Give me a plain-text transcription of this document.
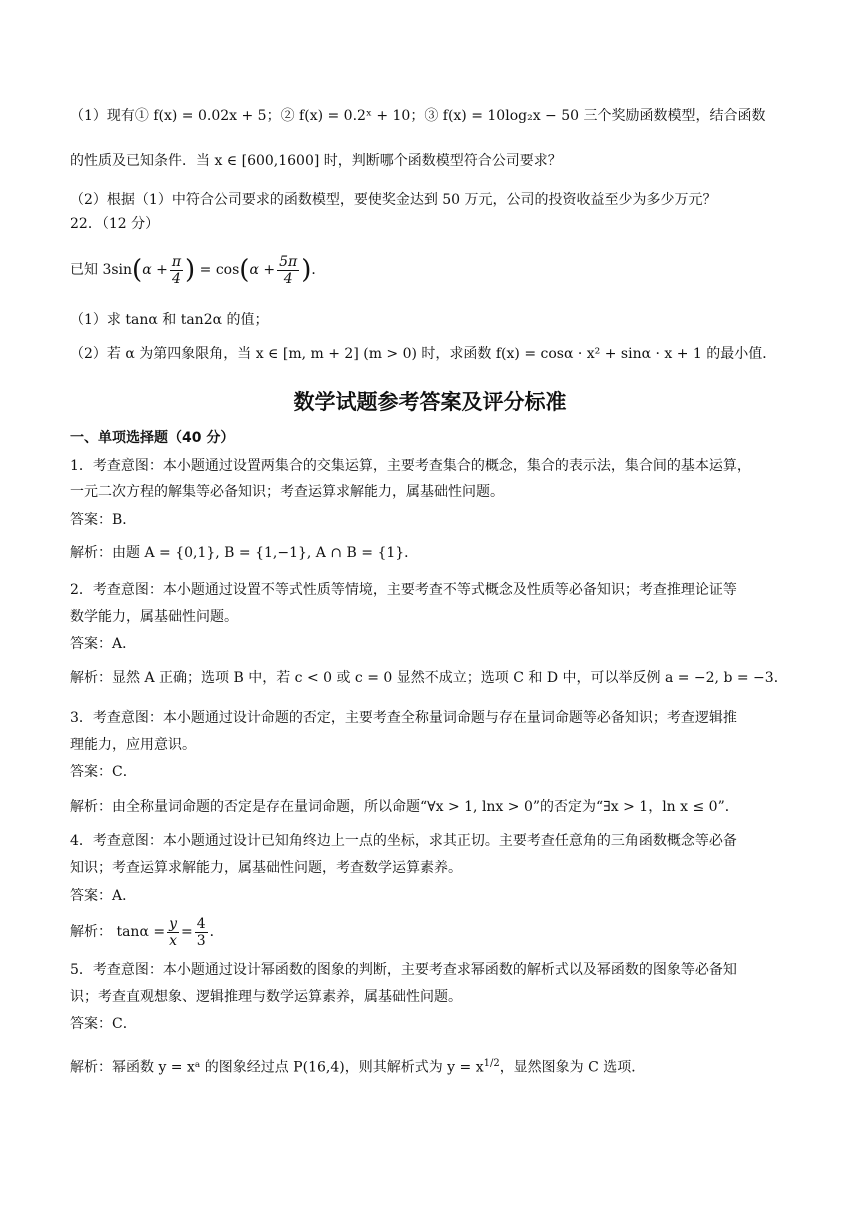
（1）现有① f(x) = 0.02x + 5；② f(x) = 0.2ˣ + 10；③ f(x) = 10log₂x − 50 三个奖励函数模型，结合函数
的性质及已知条件．当 x ∈ [600,1600] 时，判断哪个函数模型符合公司要求？
（2）根据（1）中符合公司要求的函数模型，要使奖金达到 50 万元，公司的投资收益至少为多少万元？
22．（12 分）
已知 $3\sin(\alpha + \frac{\pi}{4}$ ) = $\cos(\alpha + \frac{5\pi}{4}$ )．
（1）求 tanα 和 tan2α 的值；
（2）若 α 为第四象限角，当 x ∈ [m, m + 2] (m > 0) 时，求函数 f(x) = cosα · x² + sinα · x + 1 的最小值．
数学试题参考答案及评分标准
一、单项选择题（40 分）
1．考查意图：本小题通过设置两集合的交集运算，主要考查集合的概念，集合的表示法，集合间的基本运算，
一元二次方程的解集等必备知识；考查运算求解能力，属基础性问题。
答案：B．
解析：由题 A = {0,1}, B = {1,−1}, A ∩ B = {1}．
2．考查意图：本小题通过设置不等式性质等情境，主要考查不等式概念及性质等必备知识；考查推理论证等
数学能力，属基础性问题。
答案：A．
解析：显然 A 正确；选项 B 中，若 c < 0 或 c = 0 显然不成立；选项 C 和 D 中，可以举反例 a = −2, b = −3．
3．考查意图：本小题通过设计命题的否定，主要考查全称量词命题与存在量词命题等必备知识；考查逻辑推
理能力，应用意识。
答案：C．
解析：由全称量词命题的否定是存在量词命题，所以命题“∀x > 1, lnx > 0”的否定为“∃x > 1，ln x ≤ 0”．
4．考查意图：本小题通过设计已知角终边上一点的坐标，求其正切。主要考查任意角的三角函数概念等必备
知识；考查运算求解能力，属基础性问题，考查数学运算素养。
答案：A．
解析： $\tan\alpha = \frac{y}{x} = \frac{4}{3}$ ．
5．考查意图：本小题通过设计幂函数的图象的判断，主要考查求幂函数的解析式以及幂函数的图象等必备知
识；考查直观想象、逻辑推理与数学运算素养，属基础性问题。
答案：C．
解析：幂函数 y = xᵃ 的图象经过点 P(16,4)，则其解析式为 $y = x^{1/2}$，显然图象为 C 选项．
